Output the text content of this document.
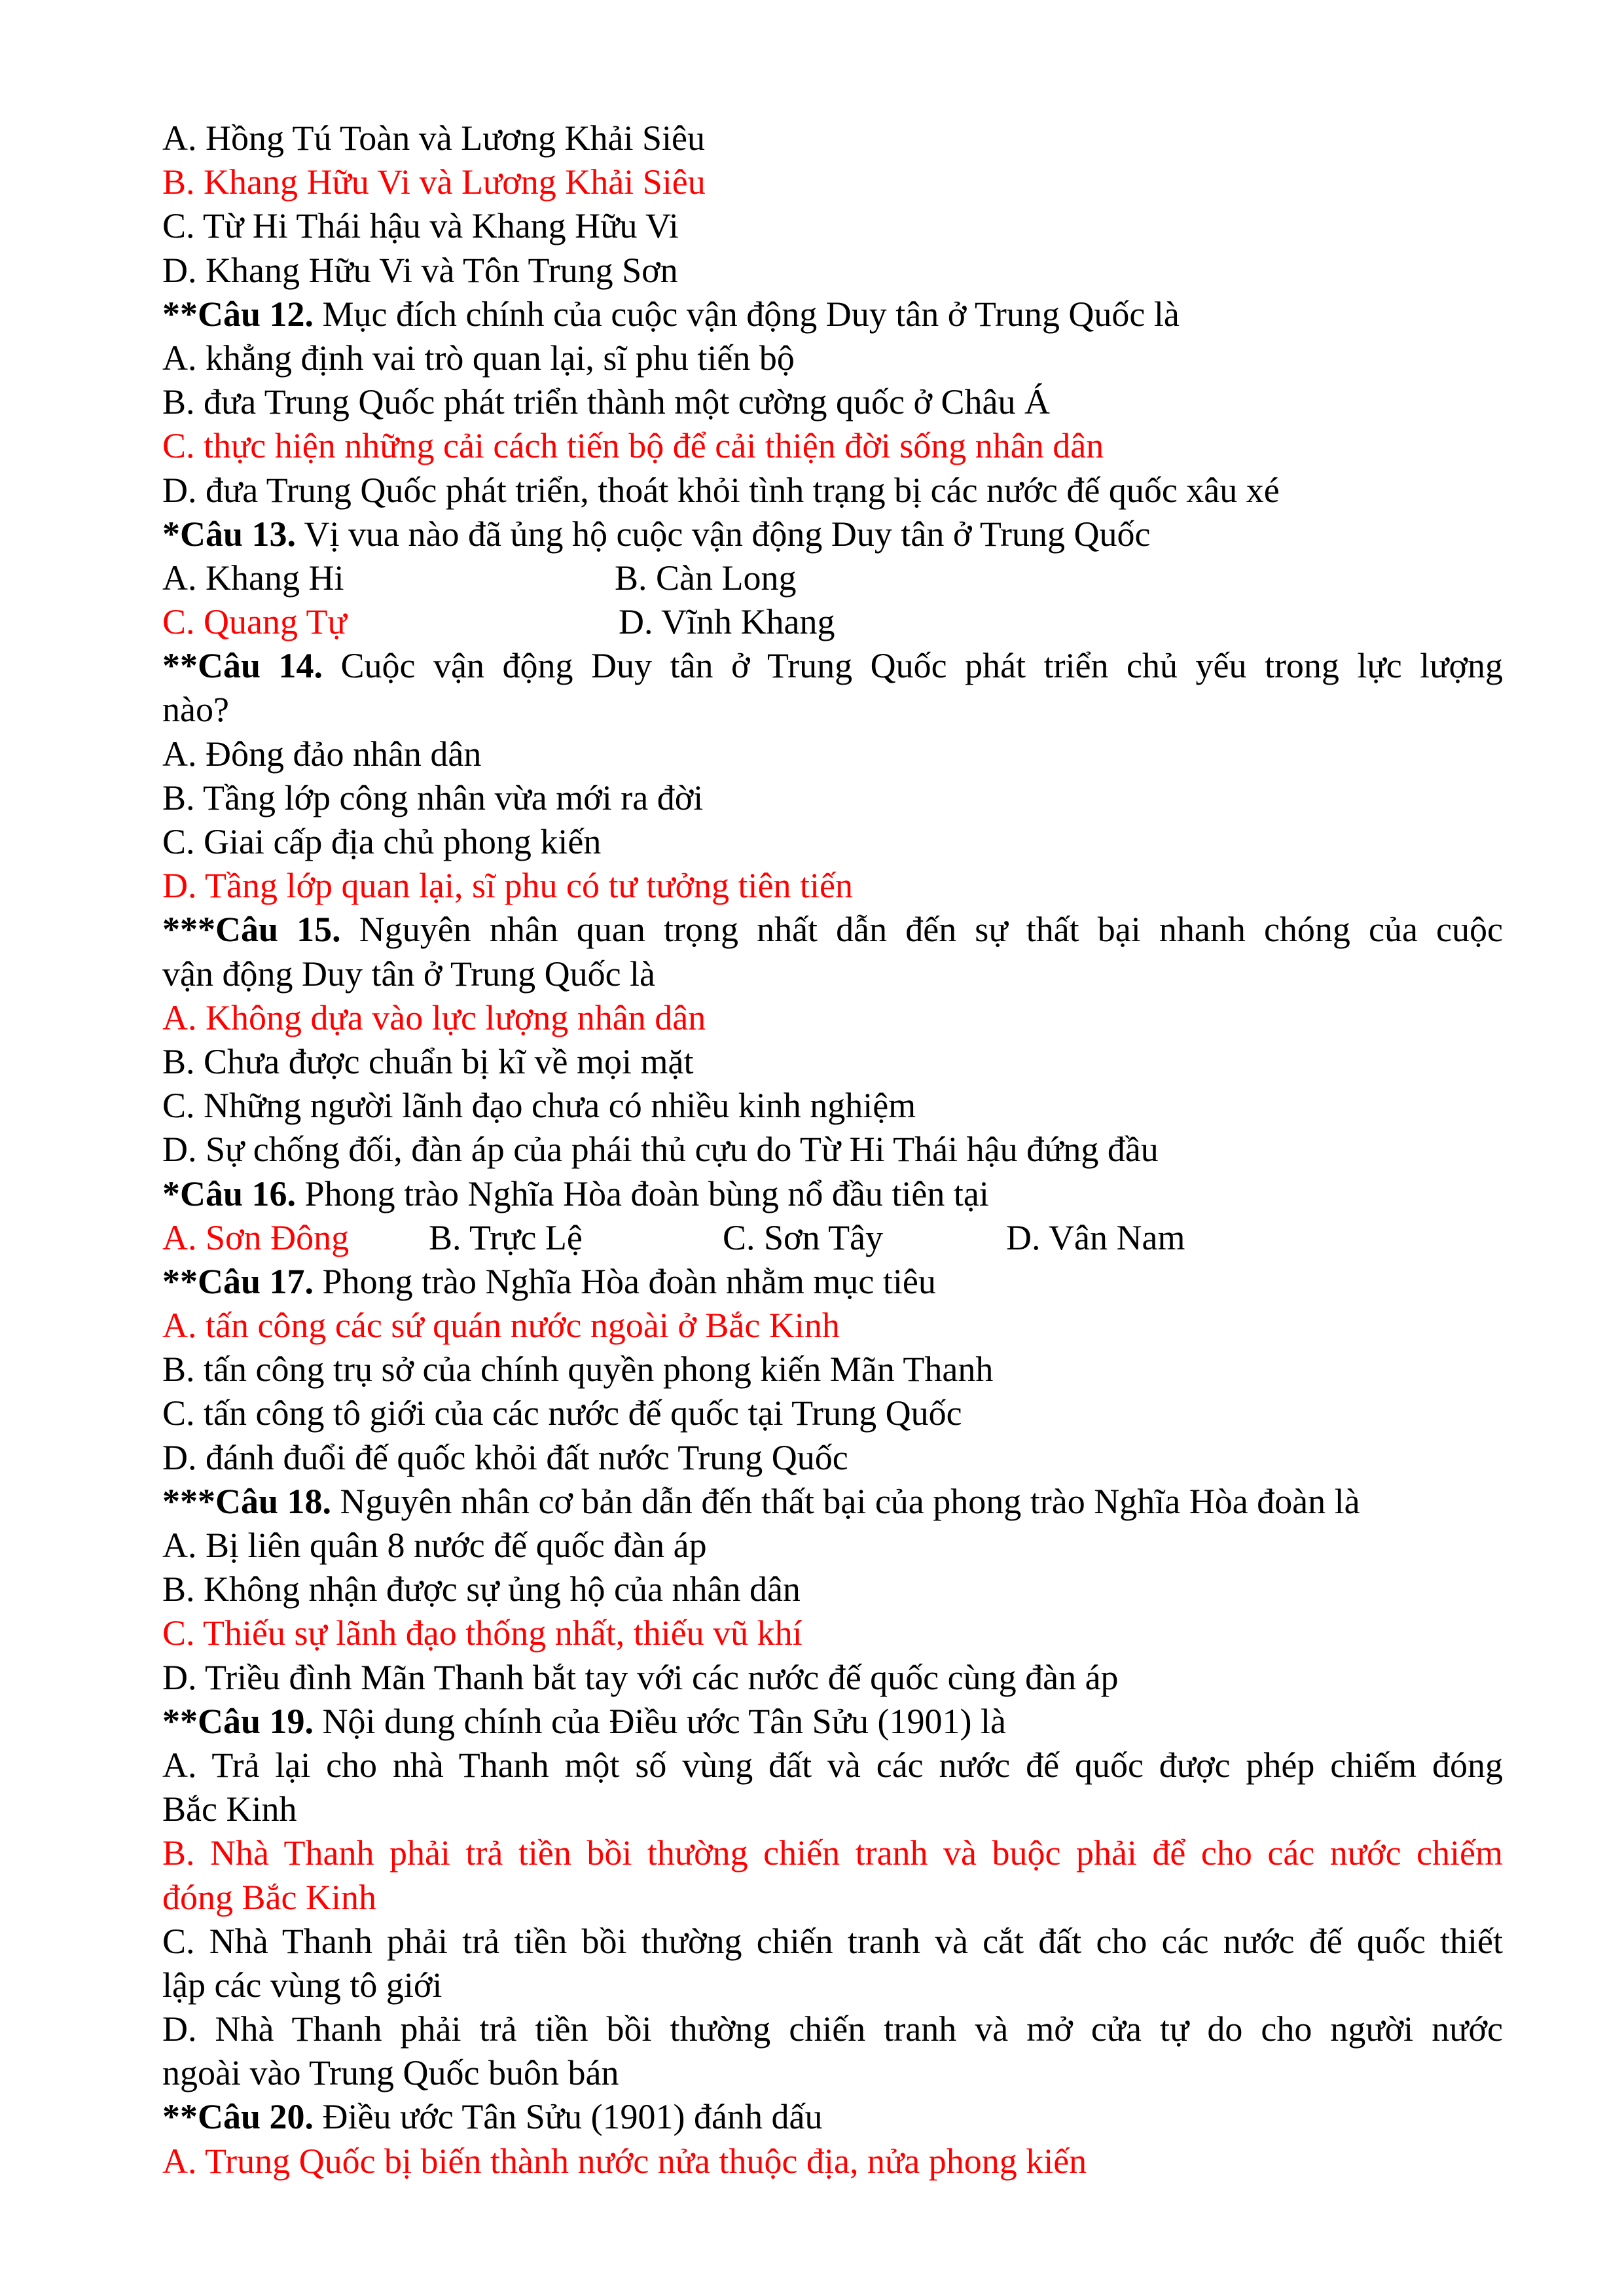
A. Hồng Tú Toàn và Lương Khải Siêu
B. Khang Hữu Vi và Lương Khải Siêu
C. Từ Hi Thái hậu và Khang Hữu Vi
D. Khang Hữu Vi và Tôn Trung Sơn
**Câu 12. Mục đích chính của cuộc vận động Duy tân ở Trung Quốc là
A. khẳng định vai trò quan lại, sĩ phu tiến bộ
B. đưa Trung Quốc phát triển thành một cường quốc ở Châu Á
C. thực hiện những cải cách tiến bộ để cải thiện đời sống nhân dân
D. đưa Trung Quốc phát triển, thoát khỏi tình trạng bị các nước đế quốc xâu xé
*Câu 13. Vị vua nào đã ủng hộ cuộc vận động Duy tân ở Trung Quốc
A. Khang Hi	B. Càn Long
C. Quang Tự	D. Vĩnh Khang
**Câu 14. Cuộc vận động Duy tân ở Trung Quốc phát triển chủ yếu trong lực lượng
nào?
A. Đông đảo nhân dân
B. Tầng lớp công nhân vừa mới ra đời
C. Giai cấp địa chủ phong kiến
D. Tầng lớp quan lại, sĩ phu có tư tưởng tiên tiến
***Câu 15. Nguyên nhân quan trọng nhất dẫn đến sự thất bại nhanh chóng của cuộc
vận động Duy tân ở Trung Quốc là
A. Không dựa vào lực lượng nhân dân
B. Chưa được chuẩn bị kĩ về mọi mặt
C. Những người lãnh đạo chưa có nhiều kinh nghiệm
D. Sự chống đối, đàn áp của phái thủ cựu do Từ Hi Thái hậu đứng đầu
*Câu 16. Phong trào Nghĩa Hòa đoàn bùng nổ đầu tiên tại
A. Sơn Đông B. Trực Lệ	C. Sơn Tây	D. Vân Nam
**Câu 17. Phong trào Nghĩa Hòa đoàn nhằm mục tiêu
A. tấn công các sứ quán nước ngoài ở Bắc Kinh
B. tấn công trụ sở của chính quyền phong kiến Mãn Thanh
C. tấn công tô giới của các nước đế quốc tại Trung Quốc
D. đánh đuổi đế quốc khỏi đất nước Trung Quốc
***Câu 18. Nguyên nhân cơ bản dẫn đến thất bại của phong trào Nghĩa Hòa đoàn là
A. Bị liên quân 8 nước đế quốc đàn áp
B. Không nhận được sự ủng hộ của nhân dân
C. Thiếu sự lãnh đạo thống nhất, thiếu vũ khí
D. Triều đình Mãn Thanh bắt tay với các nước đế quốc cùng đàn áp
**Câu 19. Nội dung chính của Điều ước Tân Sửu (1901) là
A. Trả lại cho nhà Thanh một số vùng đất và các nước đế quốc được phép chiếm đóng
Bắc Kinh
B. Nhà Thanh phải trả tiền bồi thường chiến tranh và buộc phải để cho các nước chiếm
đóng Bắc Kinh
C. Nhà Thanh phải trả tiền bồi thường chiến tranh và cắt đất cho các nước đế quốc thiết
lập các vùng tô giới
D. Nhà Thanh phải trả tiền bồi thường chiến tranh và mở cửa tự do cho người nước
ngoài vào Trung Quốc buôn bán
**Câu 20. Điều ước Tân Sửu (1901) đánh dấu
A. Trung Quốc bị biến thành nước nửa thuộc địa, nửa phong kiến
